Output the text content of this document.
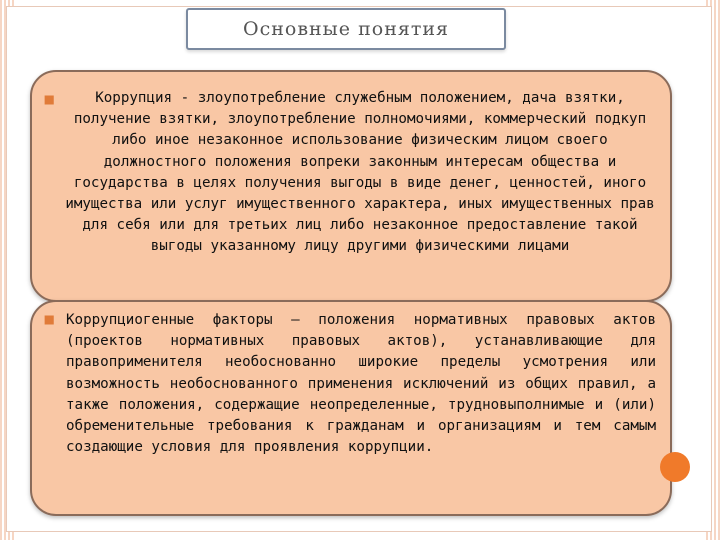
Основные понятия
⯀
⯀
Коррупция - злоупотребление служебным положением, дача взятки, получение взятки, злоупотребление полномочиями, коммерческий подкуп либо иное незаконное использование физическим лицом своего должностного положения вопреки законным интересам общества и государства в целях получения выгоды в виде денег, ценностей, иного имущества или услуг имущественного характера, иных имущественных прав для себя или для третьих лиц либо незаконное предоставление такой выгоды указанному лицу другими физическими лицами
Коррупциогенные факторы – положения нормативных правовых актов (проектов нормативных правовых актов), устанавливающие для правоприменителя необоснованно широкие пределы усмотрения или возможность необоснованного применения исключений из общих правил, а также положения, содержащие неопределенные, трудновыполнимые и (или) обременительные требования к гражданам и организациям и тем самым создающие условия для проявления коррупции.
